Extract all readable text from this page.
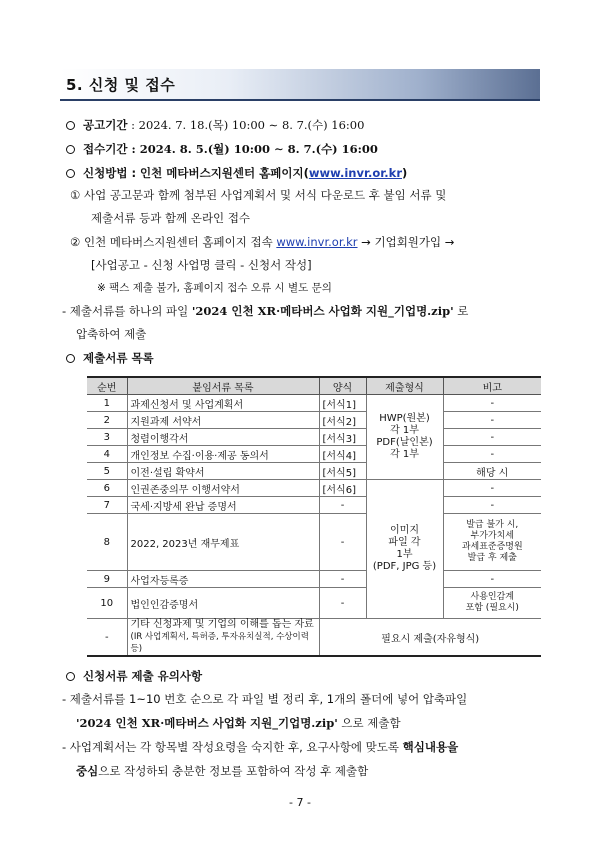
5. 신청 및 접수
공고기간 : 2024. 7. 18.(목) 10:00 ∼ 8. 7.(수) 16:00
접수기간 : 2024. 8. 5.(월) 10:00 ∼ 8. 7.(수) 16:00
신청방법 : 인천 메타버스지원센터 홈페이지(www.invr.or.kr)
① 사업 공고문과 함께 첨부된 사업계획서 및 서식 다운로드 후 붙임 서류 및
제출서류 등과 함께 온라인 접수
② 인천 메타버스지원센터 홈페이지 접속 www.invr.or.kr → 기업회원가입 →
[사업공고 - 신청 사업명 클릭 - 신청서 작성]
※ 팩스 제출 불가, 홈페이지 접수 오류 시 별도 문의
- 제출서류를 하나의 파일 '2024 인천 XR·메타버스 사업화 지원_기업명.zip' 로
압축하여 제출
제출서류 목록
순번	붙임서류 목록	양식	제출형식	비고
1	과제신청서 및 사업계획서	[서식1]	HWP(원본)
각 1부
PDF(날인본)
각 1부	-
2	지원과제 서약서	[서식2]		-
3	청렴이행각서	[서식3]		-
4	개인정보 수집·이용·제공 동의서	[서식4]		-
5	이전·설립 확약서	[서식5]		해당 시
6	인권존중의무 이행서약서	[서식6]	이미지
파일 각
1부
(PDF, JPG 등)	-
7	국세·지방세 완납 증명서	-		-
8	2022, 2023년 재무제표	-		발급 불가 시,
부가가치세
과세표준증명원
발급 후 제출
9	사업자등록증	-		-
10	법인인감증명서	-		사용인감계
포함 (필요시)
-	기타 신청과제 및 기업의 이해를 돕는 자료
(IR 사업계획서, 특허증, 투자유치실적, 수상이력 등)	필요시 제출(자유형식)		
신청서류 제출 유의사항
- 제출서류를 1~10 번호 순으로 각 파일 별 정리 후, 1개의 폴더에 넣어 압축파일
'2024 인천 XR·메타버스 사업화 지원_기업명.zip' 으로 제출함
- 사업계획서는 각 항목별 작성요령을 숙지한 후, 요구사항에 맞도록 핵심내용을
중심으로 작성하되 충분한 정보를 포함하여 작성 후 제출함
- 7 -
